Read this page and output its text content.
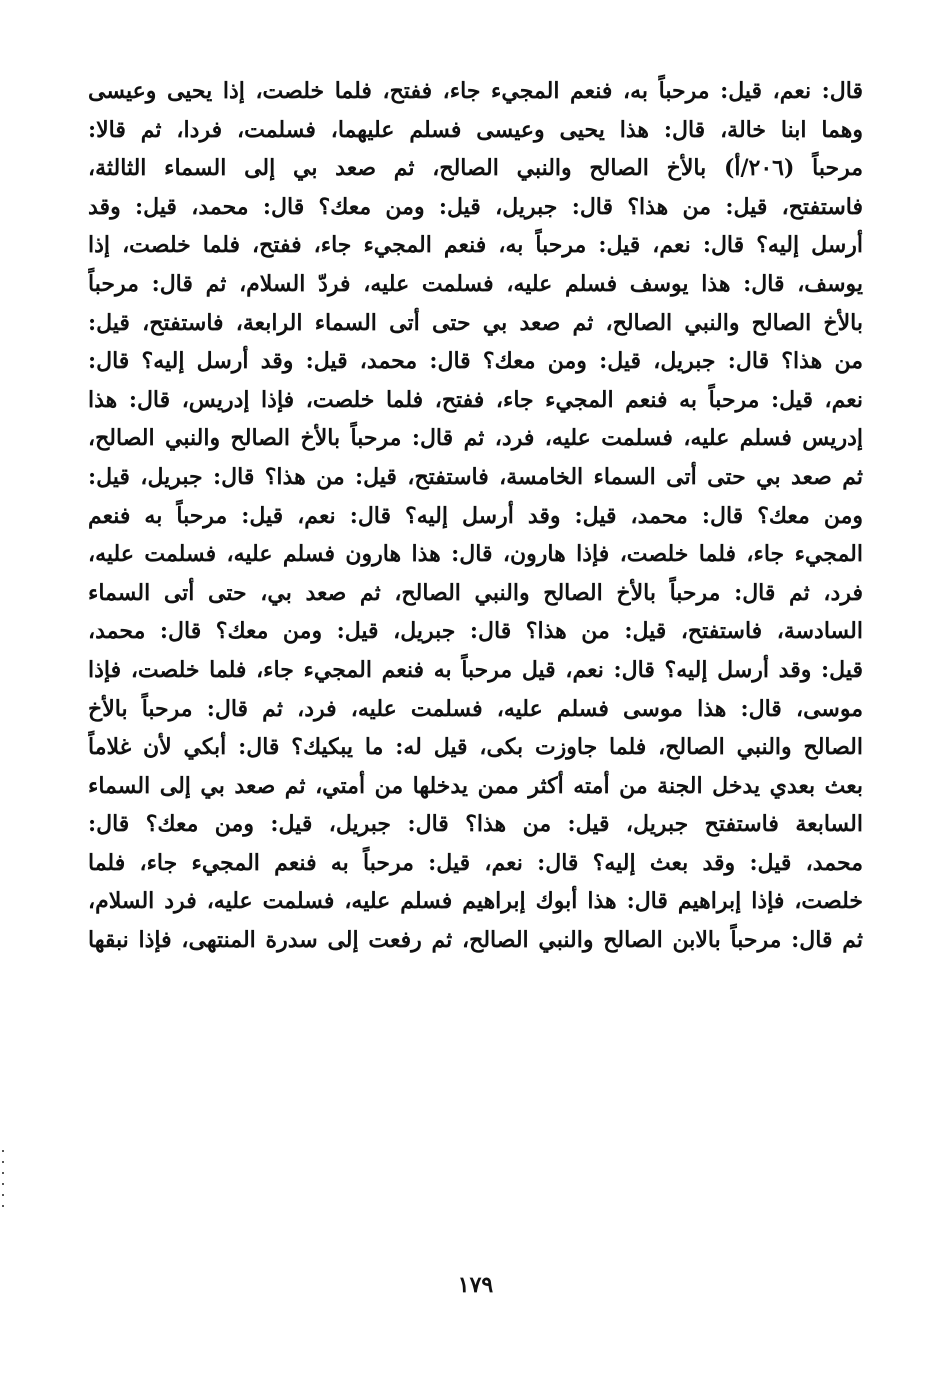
قال: نعم، قيل: مرحباً به، فنعم المجيء جاء، ففتح، فلما خلصت، إذا يحيى وعيسى
وهما ابنا خالة، قال: هذا يحيى وعيسى فسلم عليهما، فسلمت، فردا، ثم قالا:
مرحباً (٢٠٦/أ) بالأخ الصالح والنبي الصالح، ثم صعد بي إلى السماء الثالثة،
فاستفتح، قيل: من هذا؟ قال: جبريل، قيل: ومن معك؟ قال: محمد، قيل: وقد
أرسل إليه؟ قال: نعم، قيل: مرحباً به، فنعم المجيء جاء، ففتح، فلما خلصت، إذا
يوسف، قال: هذا يوسف فسلم عليه، فسلمت عليه، فردّ السلام، ثم قال: مرحباً
بالأخ الصالح والنبي الصالح، ثم صعد بي حتى أتى السماء الرابعة، فاستفتح، قيل:
من هذا؟ قال: جبريل، قيل: ومن معك؟ قال: محمد، قيل: وقد أرسل إليه؟ قال:
نعم، قيل: مرحباً به فنعم المجيء جاء، ففتح، فلما خلصت، فإذا إدريس، قال: هذا
إدريس فسلم عليه، فسلمت عليه، فرد، ثم قال: مرحباً بالأخ الصالح والنبي الصالح،
ثم صعد بي حتى أتى السماء الخامسة، فاستفتح، قيل: من هذا؟ قال: جبريل، قيل:
ومن معك؟ قال: محمد، قيل: وقد أرسل إليه؟ قال: نعم، قيل: مرحباً به فنعم
المجيء جاء، فلما خلصت، فإذا هارون، قال: هذا هارون فسلم عليه، فسلمت عليه،
فرد، ثم قال: مرحباً بالأخ الصالح والنبي الصالح، ثم صعد بي، حتى أتى السماء
السادسة، فاستفتح، قيل: من هذا؟ قال: جبريل، قيل: ومن معك؟ قال: محمد،
قيل: وقد أرسل إليه؟ قال: نعم، قيل مرحباً به فنعم المجيء جاء، فلما خلصت، فإذا
موسى، قال: هذا موسى فسلم عليه، فسلمت عليه، فرد، ثم قال: مرحباً بالأخ
الصالح والنبي الصالح، فلما جاوزت بكى، قيل له: ما يبكيك؟ قال: أبكي لأن غلاماً
بعث بعدي يدخل الجنة من أمته أكثر ممن يدخلها من أمتي، ثم صعد بي إلى السماء
السابعة فاستفتح جبريل، قيل: من هذا؟ قال: جبريل، قيل: ومن معك؟ قال:
محمد، قيل: وقد بعث إليه؟ قال: نعم، قيل: مرحباً به فنعم المجيء جاء، فلما
خلصت، فإذا إبراهيم قال: هذا أبوك إبراهيم فسلم عليه، فسلمت عليه، فرد السلام،
ثم قال: مرحباً بالابن الصالح والنبي الصالح، ثم رفعت إلى سدرة المنتهى، فإذا نبقها
١٧٩
